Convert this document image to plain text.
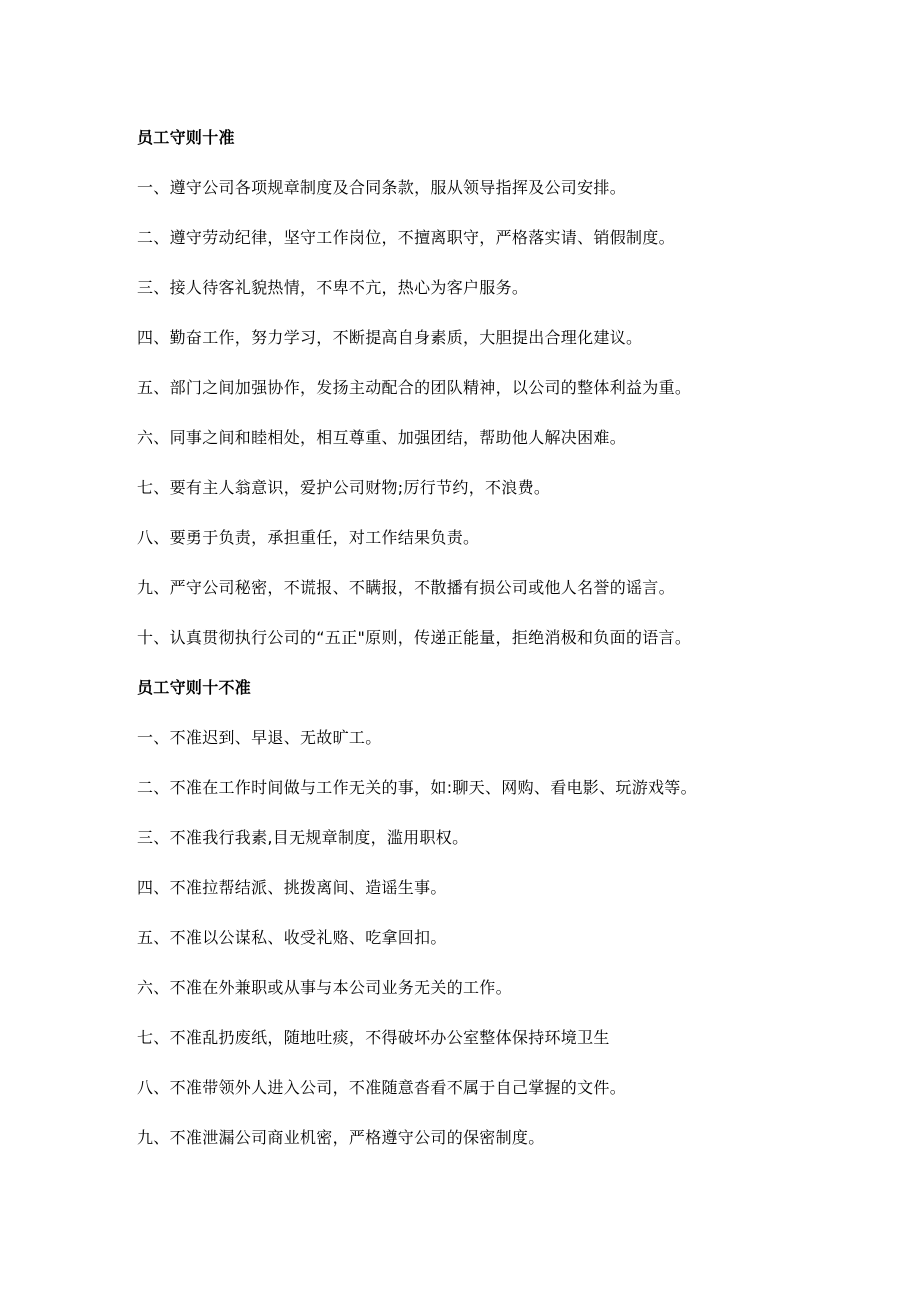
员工守则十准
一、遵守公司各项规章制度及合同条款，服从领导指挥及公司安排。
二、遵守劳动纪律，坚守工作岗位，不擅离职守，严格落实请、销假制度。
三、接人待客礼貌热情，不卑不亢，热心为客户服务。
四、勤奋工作，努力学习，不断提高自身素质，大胆提出合理化建议。
五、部门之间加强协作，发扬主动配合的团队精神，以公司的整体利益为重。
六、同事之间和睦相处，相互尊重、加强团结，帮助他人解决困难。
七、要有主人翁意识，爱护公司财物;厉行节约，不浪费。
八、要勇于负责，承担重任，对工作结果负责。
九、严守公司秘密，不谎报、不瞒报，不散播有损公司或他人名誉的谣言。
十、认真贯彻执行公司的“五正"原则，传递正能量，拒绝消极和负面的语言。
员工守则十不准
一、不准迟到、早退、无故旷工。
二、不准在工作时间做与工作无关的事，如:聊天、网购、看电影、玩游戏等。
三、不准我行我素,目无规章制度，滥用职权。
四、不准拉帮结派、挑拨离间、造谣生事。
五、不准以公谋私、收受礼赂、吃拿回扣。
六、不准在外兼职或从事与本公司业务无关的工作。
七、不准乱扔废纸，随地吐痰，不得破坏办公室整体保持环境卫生
八、不准带领外人进入公司，不准随意沓看不属于自己掌握的文件。
九、不准泄漏公司商业机密，严格遵守公司的保密制度。
